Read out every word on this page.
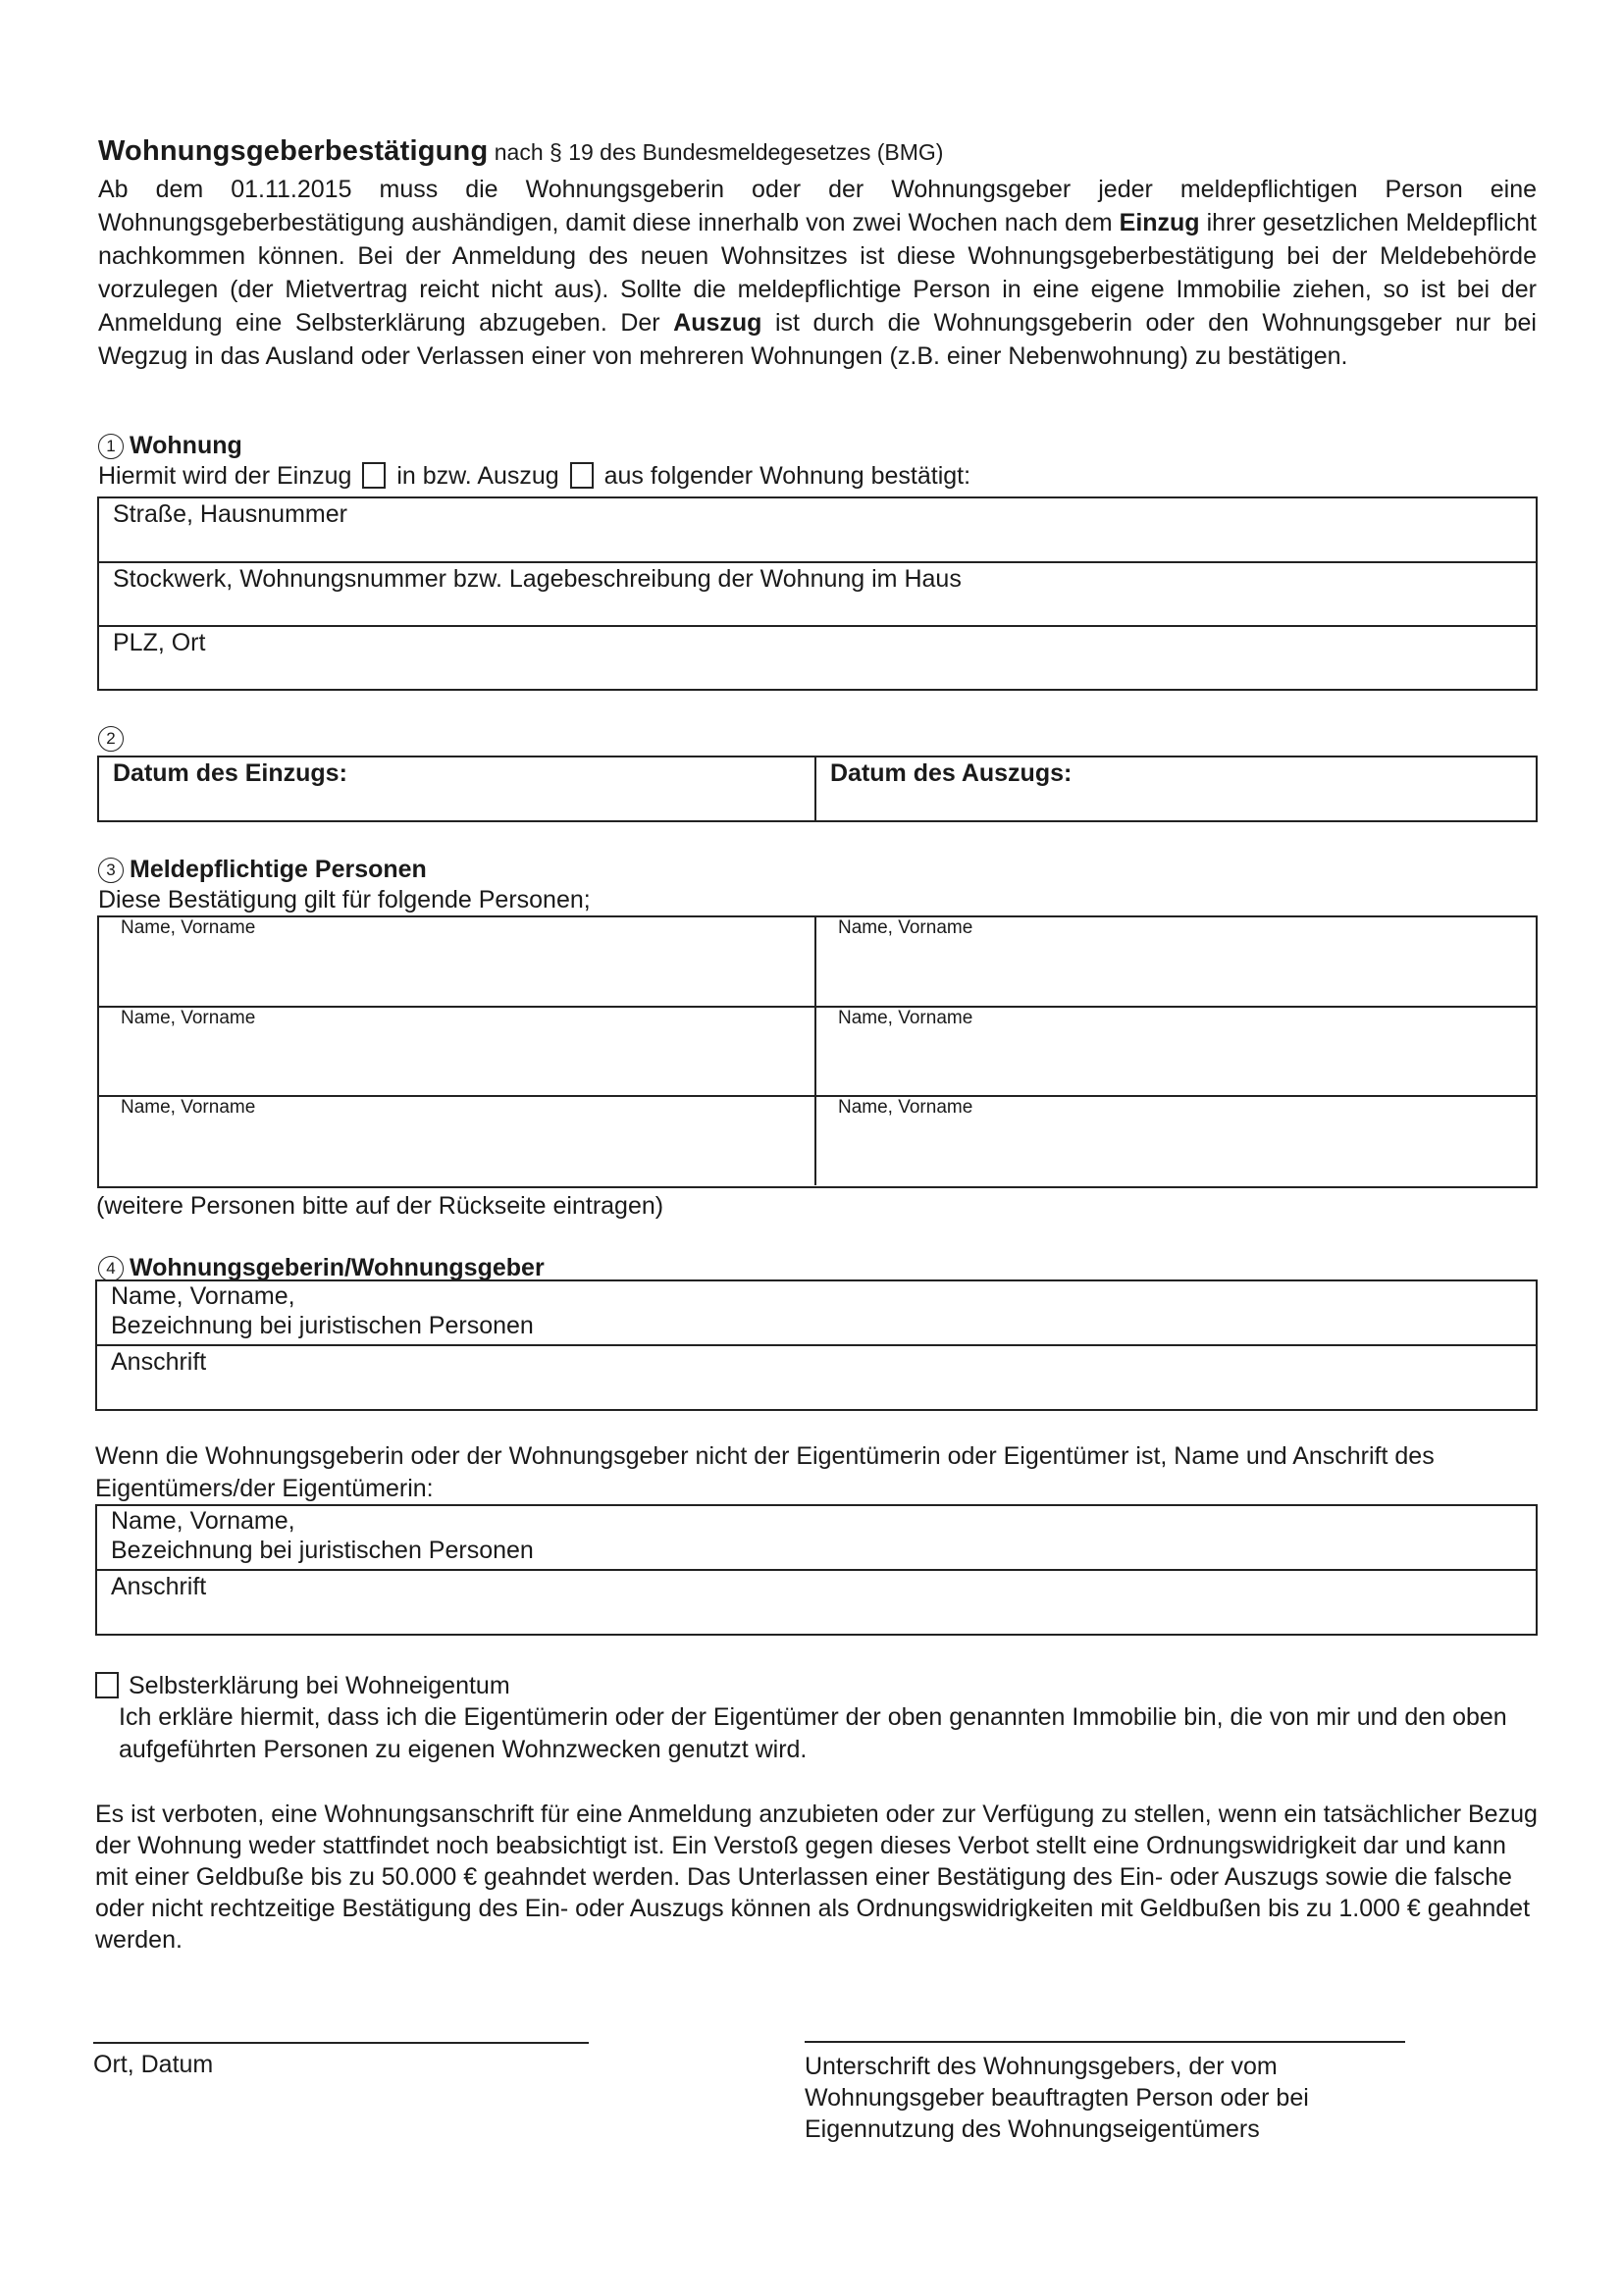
Wohnungsgeberbestätigung nach § 19 des Bundesmeldegesetzes (BMG)
Ab dem 01.11.2015 muss die Wohnungsgeberin oder der Wohnungsgeber jeder meldepflichtigen Person eine Wohnungsgeberbestätigung aushändigen, damit diese innerhalb von zwei Wochen nach dem Einzug ihrer gesetzlichen Meldepflicht nachkommen können. Bei der Anmeldung des neuen Wohnsitzes ist diese Wohnungsgeberbestätigung bei der Meldebehörde vorzulegen (der Mietvertrag reicht nicht aus). Sollte die meldepflichtige Person in eine eigene Immobilie ziehen, so ist bei der Anmeldung eine Selbsterklärung abzugeben. Der Auszug ist durch die Wohnungsgeberin oder den Wohnungsgeber nur bei Wegzug in das Ausland oder Verlassen einer von mehreren Wohnungen (z.B. einer Nebenwohnung) zu bestätigen.
1 Wohnung
Hiermit wird der Einzug in bzw. Auszug aus folgender Wohnung bestätigt:
Straße, Hausnummer
Stockwerk, Wohnungsnummer bzw. Lagebeschreibung der Wohnung im Haus
PLZ, Ort
2
Datum des Einzugs:	Datum des Auszugs:
3 Meldepflichtige Personen
Diese Bestätigung gilt für folgende Personen;
Name, Vorname	Name, Vorname
Name, Vorname	Name, Vorname
Name, Vorname	Name, Vorname
(weitere Personen bitte auf der Rückseite eintragen)
4 Wohnungsgeberin/Wohnungsgeber
Name, Vorname,
Bezeichnung bei juristischen Personen
Anschrift
Wenn die Wohnungsgeberin oder der Wohnungsgeber nicht der Eigentümerin oder Eigentümer ist, Name und Anschrift des Eigentümers/der Eigentümerin:
Name, Vorname,
Bezeichnung bei juristischen Personen
Anschrift
Selbsterklärung bei Wohneigentum
Ich erkläre hiermit, dass ich die Eigentümerin oder der Eigentümer der oben genannten Immobilie bin, die von mir und den oben aufgeführten Personen zu eigenen Wohnzwecken genutzt wird.
Es ist verboten, eine Wohnungsanschrift für eine Anmeldung anzubieten oder zur Verfügung zu stellen, wenn ein tatsächlicher Bezug der Wohnung weder stattfindet noch beabsichtigt ist. Ein Verstoß gegen dieses Verbot stellt eine Ordnungswidrigkeit dar und kann mit einer Geldbuße bis zu 50.000 € geahndet werden. Das Unterlassen einer Bestätigung des Ein- oder Auszugs sowie die falsche oder nicht rechtzeitige Bestätigung des Ein- oder Auszugs können als Ordnungswidrigkeiten mit Geldbußen bis zu 1.000 € geahndet werden.
Ort, Datum	Unterschrift des Wohnungsgebers, der vom
Wohnungsgeber beauftragten Person oder bei
Eigennutzung des Wohnungseigentümers
